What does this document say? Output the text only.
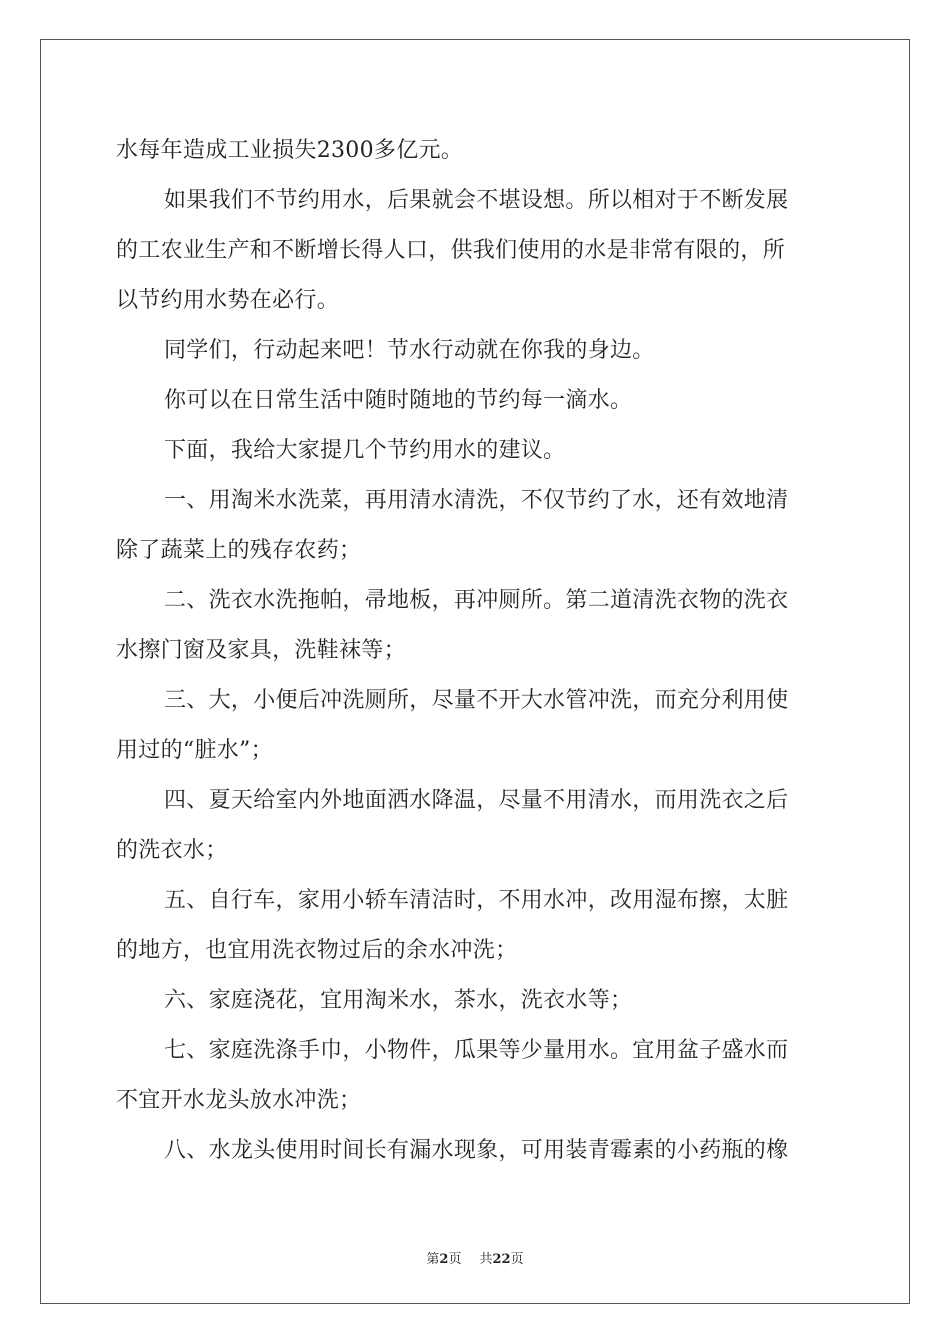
水每年造成工业损失2300多亿元。
如果我们不节约用水，后果就会不堪设想。所以相对于不断发展
的工农业生产和不断增长得人口，供我们使用的水是非常有限的，所
以节约用水势在必行。
同学们，行动起来吧！节水行动就在你我的身边。
你可以在日常生活中随时随地的节约每一滴水。
下面，我给大家提几个节约用水的建议。
一、用淘米水洗菜，再用清水清洗，不仅节约了水，还有效地清
除了蔬菜上的残存农药；
二、洗衣水洗拖帕，帚地板，再冲厕所。第二道清洗衣物的洗衣
水擦门窗及家具，洗鞋袜等；
三、大，小便后冲洗厕所，尽量不开大水管冲洗，而充分利用使
用过的“脏水”；
四、夏天给室内外地面洒水降温，尽量不用清水，而用洗衣之后
的洗衣水；
五、自行车，家用小轿车清洁时，不用水冲，改用湿布擦，太脏
的地方，也宜用洗衣物过后的余水冲洗；
六、家庭浇花，宜用淘米水，茶水，洗衣水等；
七、家庭洗涤手巾，小物件，瓜果等少量用水。宜用盆子盛水而
不宜开水龙头放水冲洗；
八、水龙头使用时间长有漏水现象，可用装青霉素的小药瓶的橡
第2页 共22页
